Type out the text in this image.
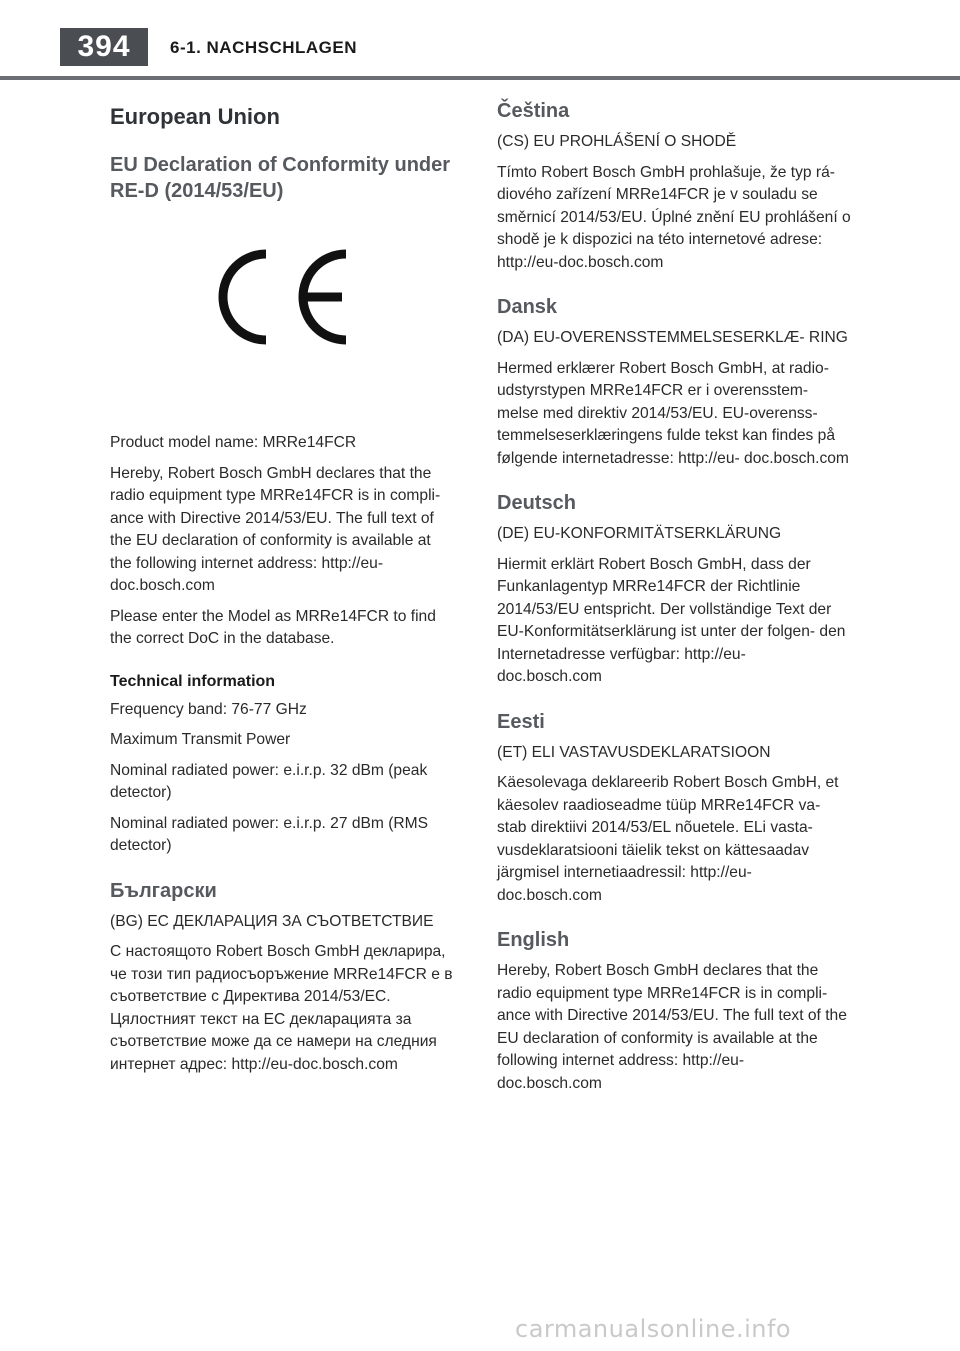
394	6-1. NACHSCHLAGEN
European Union
EU Declaration of Conformity under RE-D (2014/53/EU)

Product model name: MRRe14FCR

Hereby, Robert Bosch GmbH declares that the radio equipment type MRRe14FCR is in compli- ance with Directive 2014/53/EU. The full text of the EU declaration of conformity is available at the following internet address: http://eu- doc.bosch.com

Please enter the Model as MRRe14FCR to find the correct DoC in the database.

Technical information

Frequency band: 76-77 GHz

Maximum Transmit Power

Nominal radiated power: e.i.r.p. 32 dBm (peak detector)

Nominal radiated power: e.i.r.p. 27 dBm (RMS detector)

Български

(BG) ЕС ДЕКЛАРАЦИЯ ЗА СЪОТВЕТСТВИЕ

С настоящото Robert Bosch GmbH декларира, че този тип радиосъоръжение MRRe14FCR е в съответствие с Директива 2014/53/ЕС. Цялостният текст на ЕС декларацията за съответствие може да се намери на следния интернет адрес: http://eu-doc.bosch.com

Čeština

(CS) EU PROHLÁŠENÍ O SHODĚ

Tímto Robert Bosch GmbH prohlašuje, že typ rá- diového zařízení MRRe14FCR je v souladu se směrnicí 2014/53/EU. Úplné znění EU prohlášení o shodě je k dispozici na této internetové adrese: http://eu-doc.bosch.com

Dansk

(DA) EU-OVERENSSTEMMELSESERKLÆ- RING

Hermed erklærer Robert Bosch GmbH, at radio- udstyrstypen MRRe14FCR er i overensstem- melse med direktiv 2014/53/EU. EU-overenss- temmelseserklæringens fulde tekst kan findes på følgende internetadresse: http://eu- doc.bosch.com

Deutsch

(DE) EU-KONFORMITÄTSERKLÄRUNG

Hiermit erklärt Robert Bosch GmbH, dass der Funkanlagentyp MRRe14FCR der Richtlinie 2014/53/EU entspricht. Der vollständige Text der EU-Konformitätserklärung ist unter der folgen- den Internetadresse verfügbar: http://eu- doc.bosch.com

Eesti

(ET) ELI VASTAVUSDEKLARATSIOON

Käesolevaga deklareerib Robert Bosch GmbH, et käesolev raadioseadme tüüp MRRe14FCR va- stab direktiivi 2014/53/EL nõuetele. ELi vasta- vusdeklaratsiooni täielik tekst on kättesaadav järgmisel internetiaadressil: http://eu- doc.bosch.com

English

Hereby, Robert Bosch GmbH declares that the radio equipment type MRRe14FCR is in compli- ance with Directive 2014/53/EU. The full text of the EU declaration of conformity is available at the following internet address: http://eu- doc.bosch.com

carmanualsonline.info
